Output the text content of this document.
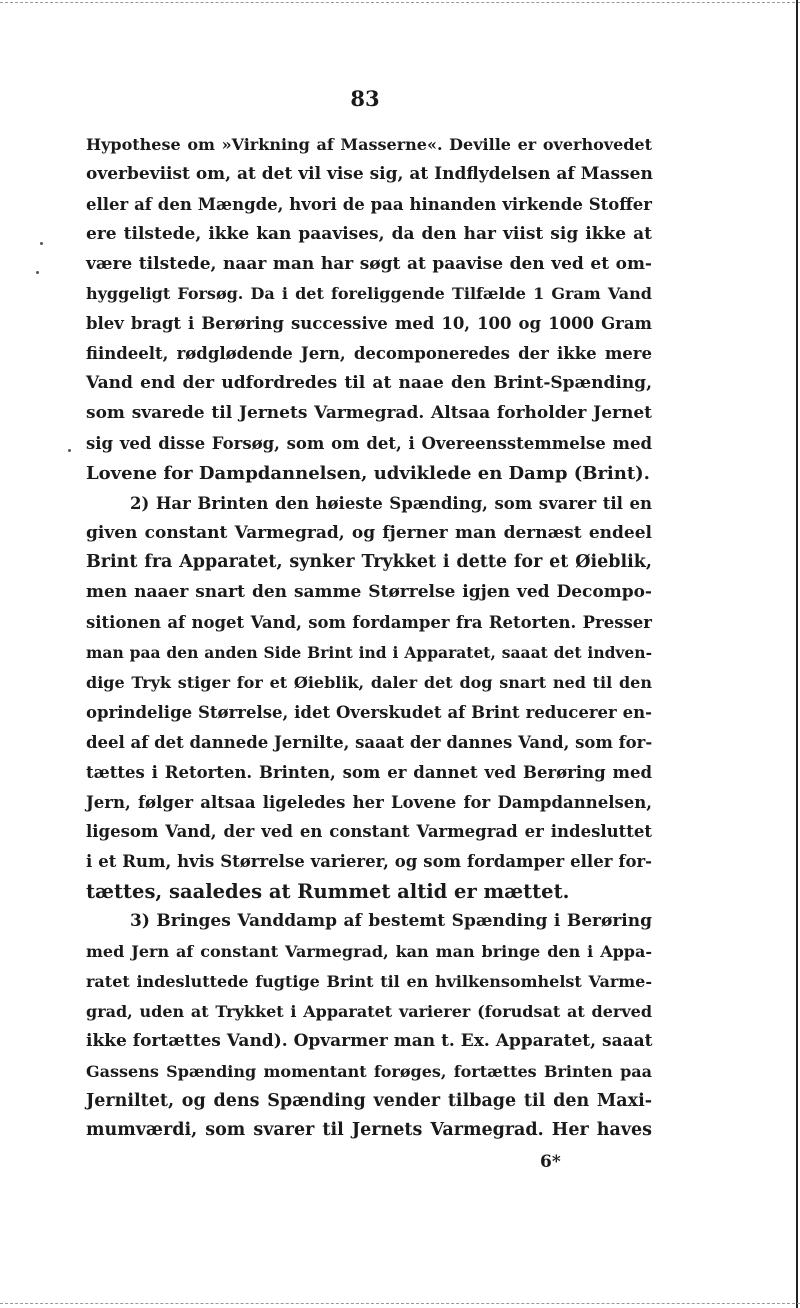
83
Hypothese om »Virkning af Masserne«. Deville er overhovedet
overbeviist om, at det vil vise sig, at Indflydelsen af Massen
eller af den Mængde, hvori de paa hinanden virkende Stoffer
ere tilstede, ikke kan paavises, da den har viist sig ikke at
være tilstede, naar man har søgt at paavise den ved et om-
hyggeligt Forsøg. Da i det foreliggende Tilfælde 1 Gram Vand
blev bragt i Berøring successive med 10, 100 og 1000 Gram
fiindeelt, rødglødende Jern, decomponeredes der ikke mere
Vand end der udfordredes til at naae den Brint-Spænding,
som svarede til Jernets Varmegrad. Altsaa forholder Jernet
sig ved disse Forsøg, som om det, i Overeensstemmelse med
Lovene for Dampdannelsen, udviklede en Damp (Brint).
2) Har Brinten den høieste Spænding, som svarer til en
given constant Varmegrad, og fjerner man dernæst endeel
Brint fra Apparatet, synker Trykket i dette for et Øieblik,
men naaer snart den samme Størrelse igjen ved Decompo-
sitionen af noget Vand, som fordamper fra Retorten. Presser
man paa den anden Side Brint ind i Apparatet, saaat det indven-
dige Tryk stiger for et Øieblik, daler det dog snart ned til den
oprindelige Størrelse, idet Overskudet af Brint reducerer en-
deel af det dannede Jernilte, saaat der dannes Vand, som for-
tættes i Retorten. Brinten, som er dannet ved Berøring med
Jern, følger altsaa ligeledes her Lovene for Dampdannelsen,
ligesom Vand, der ved en constant Varmegrad er indesluttet
i et Rum, hvis Størrelse varierer, og som fordamper eller for-
tættes, saaledes at Rummet altid er mættet.
3) Bringes Vanddamp af bestemt Spænding i Berøring
med Jern af constant Varmegrad, kan man bringe den i Appa-
ratet indesluttede fugtige Brint til en hvilkensomhelst Varme-
grad, uden at Trykket i Apparatet varierer (forudsat at derved
ikke fortættes Vand). Opvarmer man t. Ex. Apparatet, saaat
Gassens Spænding momentant forøges, fortættes Brinten paa
Jerniltet, og dens Spænding vender tilbage til den Maxi-
mumværdi, som svarer til Jernets Varmegrad. Her haves
6*
